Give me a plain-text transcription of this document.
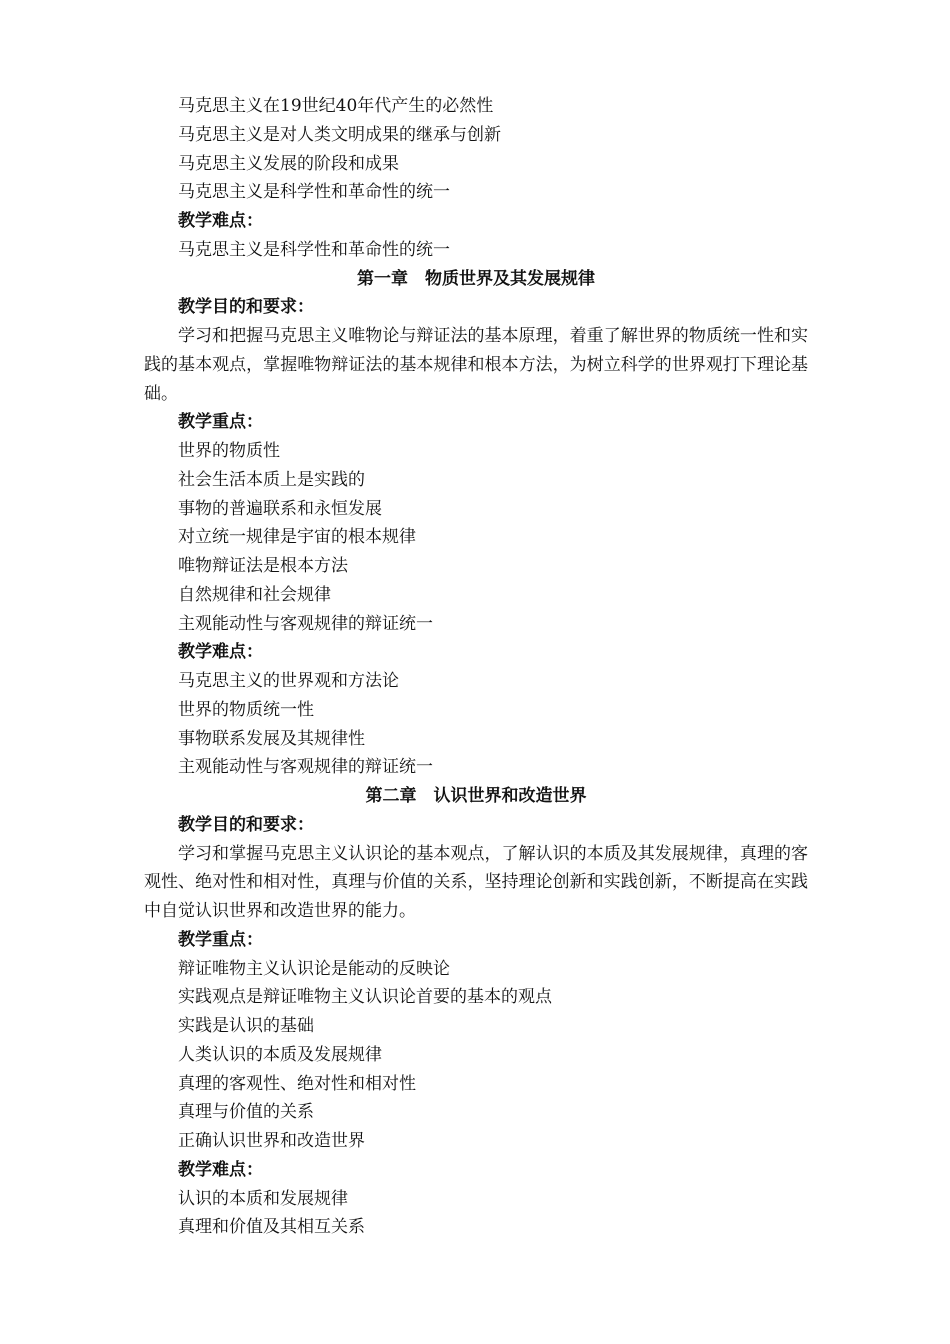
马克思主义在19世纪40年代产生的必然性
马克思主义是对人类文明成果的继承与创新
马克思主义发展的阶段和成果
马克思主义是科学性和革命性的统一
教学难点：
马克思主义是科学性和革命性的统一
第一章　物质世界及其发展规律
教学目的和要求：

学习和把握马克思主义唯物论与辩证法的基本原理，着重了解世界的物质统一性和实践的基本观点，掌握唯物辩证法的基本规律和根本方法，为树立科学的世界观打下理论基础。

教学重点：
世界的物质性
社会生活本质上是实践的
事物的普遍联系和永恒发展
对立统一规律是宇宙的根本规律
唯物辩证法是根本方法
自然规律和社会规律
主观能动性与客观规律的辩证统一
教学难点：
马克思主义的世界观和方法论
世界的物质统一性
事物联系发展及其规律性
主观能动性与客观规律的辩证统一
第二章　认识世界和改造世界
教学目的和要求：

学习和掌握马克思主义认识论的基本观点，了解认识的本质及其发展规律，真理的客观性、绝对性和相对性，真理与价值的关系，坚持理论创新和实践创新，不断提高在实践中自觉认识世界和改造世界的能力。

教学重点：
辩证唯物主义认识论是能动的反映论
实践观点是辩证唯物主义认识论首要的基本的观点
实践是认识的基础
人类认识的本质及发展规律
真理的客观性、绝对性和相对性
真理与价值的关系
正确认识世界和改造世界
教学难点：
认识的本质和发展规律
真理和价值及其相互关系
